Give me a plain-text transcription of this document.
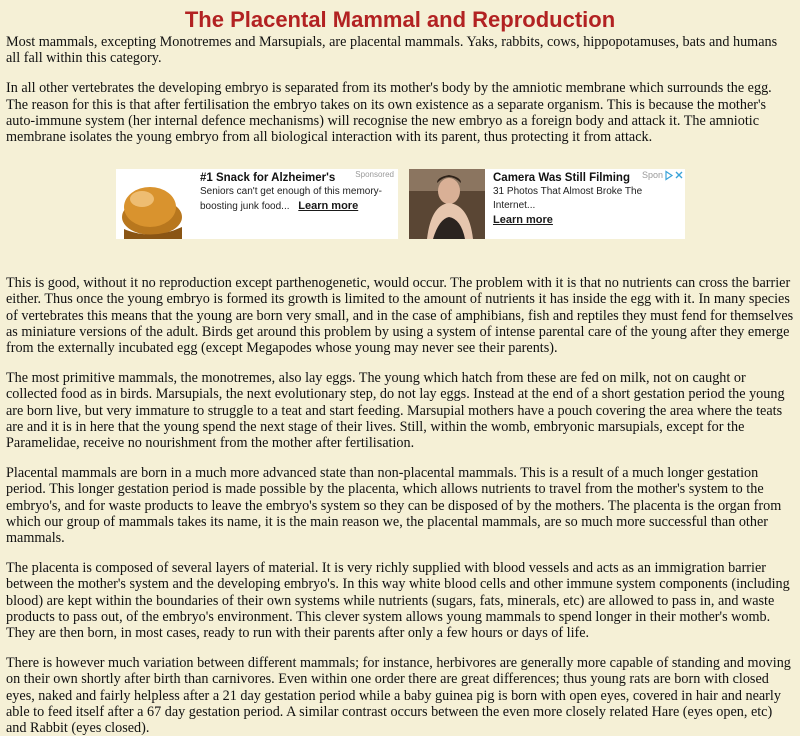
The Placental Mammal and Reproduction

Most mammals, excepting Monotremes and Marsupials, are placental mammals. Yaks, rabbits, cows, hippopotamuses, bats and humans all fall within this category.

In all other vertebrates the developing embryo is separated from its mother's body by the amniotic membrane which surrounds the egg. The reason for this is that after fertilisation the embryo takes on its own existence as a separate organism. This is because the mother's auto-immune system (her internal defence mechanisms) will recognise the new embryo as a foreign body and attack it. The amniotic membrane isolates the young embryo from all biological interaction with its parent, thus protecting it from attack.

#1 Snack for Alzheimer's
Seniors can't get enough of this memory-boosting junk food... Learn more
Sponsored	Camera Was Still Filming
31 Photos That Almost Broke The Internet...
Learn more
Spon

This is good, without it no reproduction except parthenogenetic, would occur. The problem with it is that no nutrients can cross the barrier either. Thus once the young embryo is formed its growth is limited to the amount of nutrients it has inside the egg with it. In many species of vertebrates this means that the young are born very small, and in the case of amphibians, fish and reptiles they must fend for themselves as miniature versions of the adult. Birds get around this problem by using a system of intense parental care of the young after they emerge from the externally incubated egg (except Megapodes whose young may never see their parents).

The most primitive mammals, the monotremes, also lay eggs. The young which hatch from these are fed on milk, not on caught or collected food as in birds. Marsupials, the next evolutionary step, do not lay eggs. Instead at the end of a short gestation period the young are born live, but very immature to struggle to a teat and start feeding. Marsupial mothers have a pouch covering the area where the teats are and it is in here that the young spend the next stage of their lives. Still, within the womb, embryonic marsupials, except for the Paramelidae, receive no nourishment from the mother after fertilisation.

Placental mammals are born in a much more advanced state than non-placental mammals. This is a result of a much longer gestation period. This longer gestation period is made possible by the placenta, which allows nutrients to travel from the mother's system to the embryo's, and for waste products to leave the embryo's system so they can be disposed of by the mothers. The placenta is the organ from which our group of mammals takes its name, it is the main reason we, the placental mammals, are so much more successful than other mammals.

The placenta is composed of several layers of material. It is very richly supplied with blood vessels and acts as an immigration barrier between the mother's system and the developing embryo's. In this way white blood cells and other immune system components (including blood) are kept within the boundaries of their own systems while nutrients (sugars, fats, minerals, etc) are allowed to pass in, and waste products to pass out, of the embryo's environment. This clever system allows young mammals to spend longer in their mother's womb. They are then born, in most cases, ready to run with their parents after only a few hours or days of life.

There is however much variation between different mammals; for instance, herbivores are generally more capable of standing and moving on their own shortly after birth than carnivores. Even within one order there are great differences; thus young rats are born with closed eyes, naked and fairly helpless after a 21 day gestation period while a baby guinea pig is born with open eyes, covered in hair and nearly able to feed itself after a 67 day gestation period. A similar contrast occurs between the even more closely related Hare (eyes open, etc) and Rabbit (eyes closed).
